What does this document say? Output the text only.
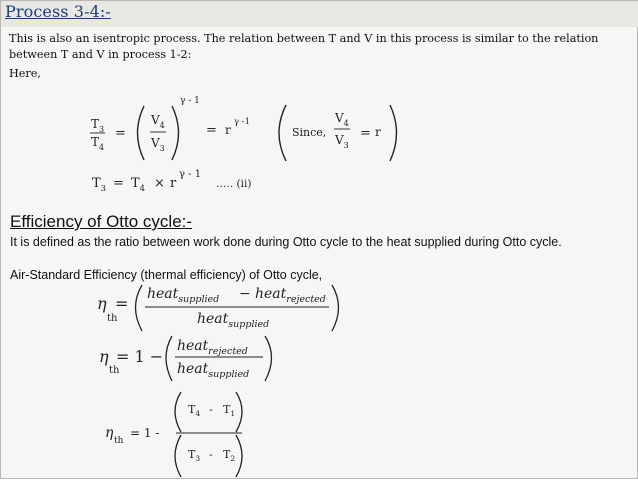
Process 3-4:-

This is also an isentropic process. The relation between T and V in this process is similar to the relation between T and V in process 1-2:

Here,
$T_3$
$T_4$
=
$V_4$
$V_3$
γ - 1
= r
γ -1
Since,
$V_4$
$V_3$
= r
$T_3 = T_4 \times r$
γ - 1
….. (ii)
η
th
= heat$_{supplied}$ − heat$_{rejected}$
heat$_{supplied}$
η
th
= 1 −
heat$_{rejected}$
heat$_{supplied}$
η th
= 1 -
$T_4 - T_1$
$T_3 - T_2$
Efficiency of Otto cycle:-

It is defined as the ratio between work done during Otto cycle to the heat supplied during Otto cycle.

Air-Standard Efficiency (thermal efficiency) of Otto cycle,
